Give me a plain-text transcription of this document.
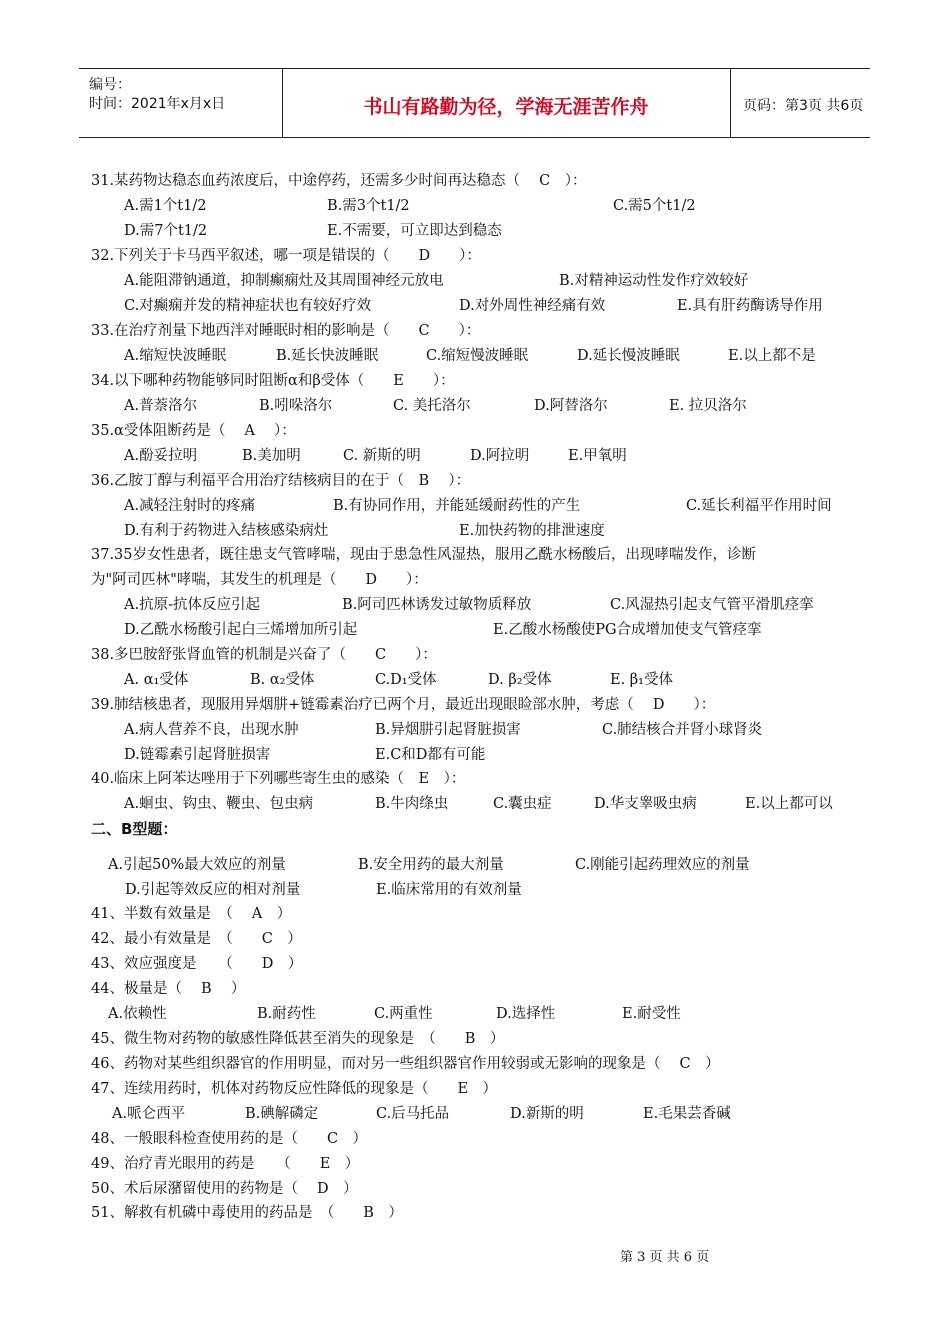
编号：
时间：2021年x月x日	书山有路勤为径，学海无涯苦作舟	页码：第3页 共6页
31.某药物达稳态血药浓度后，中途停药，还需多少时间再达稳态（　 C　）：
A.需1个t1/2	B.需3个t1/2	C.需5个t1/2
D.需7个t1/2	E.不需要，可立即达到稳态
32.下列关于卡马西平叙述，哪一项是错误的（　　D　　）：
A.能阻滞钠通道，抑制癫痫灶及其周围神经元放电	B.对精神运动性发作疗效较好
C.对癫痫并发的精神症状也有较好疗效	D.对外周性神经痛有效	E.具有肝药酶诱导作用
33.在治疗剂量下地西泮对睡眠时相的影响是（　　C　　）：
A.缩短快波睡眠	B.延长快波睡眠	C.缩短慢波睡眠	D.延长慢波睡眠	E.以上都不是
34.以下哪种药物能够同时阻断α和β受体（　　E　　）：
A.普萘洛尔	B.吲哚洛尔	C. 美托洛尔	D.阿替洛尔	E. 拉贝洛尔
35.α受体阻断药是（　 A　 ）：
A.酚妥拉明	B.美加明	C. 新斯的明	D.阿拉明	E.甲氧明
36.乙胺丁醇与利福平合用治疗结核病目的在于（　B　 ）：
A.减轻注射时的疼痛	B.有协同作用，并能延缓耐药性的产生	C.延长利福平作用时间
D.有利于药物进入结核感染病灶	E.加快药物的排泄速度
37.35岁女性患者，既往患支气管哮喘，现由于患急性风湿热，服用乙酰水杨酸后，出现哮喘发作，诊断
为"阿司匹林"哮喘，其发生的机理是（　　D　　）：
A.抗原-抗体反应引起	B.阿司匹林诱发过敏物质释放	C.风湿热引起支气管平滑肌痉挛
D.乙酰水杨酸引起白三烯增加所引起	E.乙酸水杨酸使PG合成增加使支气管痉挛
38.多巴胺舒张肾血管的机制是兴奋了（　　C　　）：
A. α₁受体	B. α₂受体	C.D₁受体	D. β₂受体	E. β₁受体
39.肺结核患者，现服用异烟肼+链霉素治疗已两个月，最近出现眼睑部水肿，考虑（　 D　　）：
A.病人营养不良，出现水肿	B.异烟肼引起肾脏损害	C.肺结核合并肾小球肾炎
D.链霉素引起肾脏损害	E.C和D都有可能
40.临床上阿苯达唑用于下列哪些寄生虫的感染（　E　）：
A.蛔虫、钩虫、鞭虫、包虫病	B.牛肉绦虫	C.囊虫症	D.华支睾吸虫病	E.以上都可以
二、B型题：
A.引起50%最大效应的剂量	B.安全用药的最大剂量	C.刚能引起药理效应的剂量
D.引起等效反应的相对剂量	E.临床常用的有效剂量
41、半数有效量是　（　 A　）
42、最小有效量是　（　　C　）
43、效应强度是　　（　　D　）
44、极量是（　 B　 ）
A.依赖性	B.耐药性	C.两重性	D.选择性	E.耐受性
45、微生物对药物的敏感性降低甚至消失的现象是　（　　B　）
46、药物对某些组织器官的作用明显，而对另一些组织器官作用较弱或无影响的现象是（　 C　）
47、连续用药时，机体对药物反应性降低的现象是（　　E　）
A.哌仑西平	B.碘解磷定	C.后马托品	D.新斯的明	E.毛果芸香碱
48、一般眼科检查使用药的是（　　C　）
49、治疗青光眼用的药是　　（　　E　）
50、术后尿潴留使用的药物是（　 D　）
51、解救有机磷中毒使用的药品是　（　　B　）
第 3 页 共 6 页
